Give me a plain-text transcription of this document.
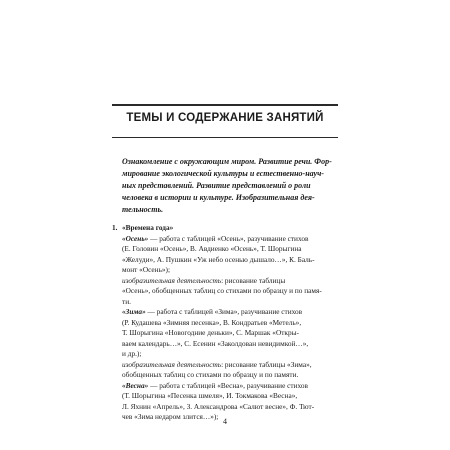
ТЕМЫ И СОДЕРЖАНИЕ ЗАНЯТИЙ
Ознакомление с окружающим миром. Развитие речи. Фор-
мирование экологической культуры и естественно-науч-
ных представлений. Развитие представлений о роли
человека в истории и культуре. Изобразительная дея-
тельность.
1. «Времена года»
«Осень» — работа с таблицей «Осень», разучивание стихов
(Е. Головин «Осень», В. Авдиенко «Осень», Т. Шорыгина
«Желуди», А. Пушкин «Уж небо осенью дышало…», К. Баль-
монт «Осень»);
изобразительная деятельность: рисование таблицы
«Осень», обобщенных таблиц со стихами по образцу и по памя-
ти.
«Зима» — работа с таблицей «Зима», разучивание стихов
(Р. Кудашева «Зимняя песенка», В. Кондратьев «Метель»,
Т. Шорыгина «Новогодние деньки», С. Маршак «Откры-
ваем календарь…», С. Есенин «Заколдован невидимкой…»,
и др.);
изобразительная деятельность: рисование таблицы «Зима»,
обобщенных таблиц со стихами по образцу и по памяти.
«Весна» — работа с таблицей «Весна», разучивание стихов
(Т. Шорыгина «Песенка шмеля», И. Токмакова «Весна»,
Л. Яхнин «Апрель», З. Александрова «Салют весне», Ф. Тют-
чев «Зима недаром злится…»);
4
